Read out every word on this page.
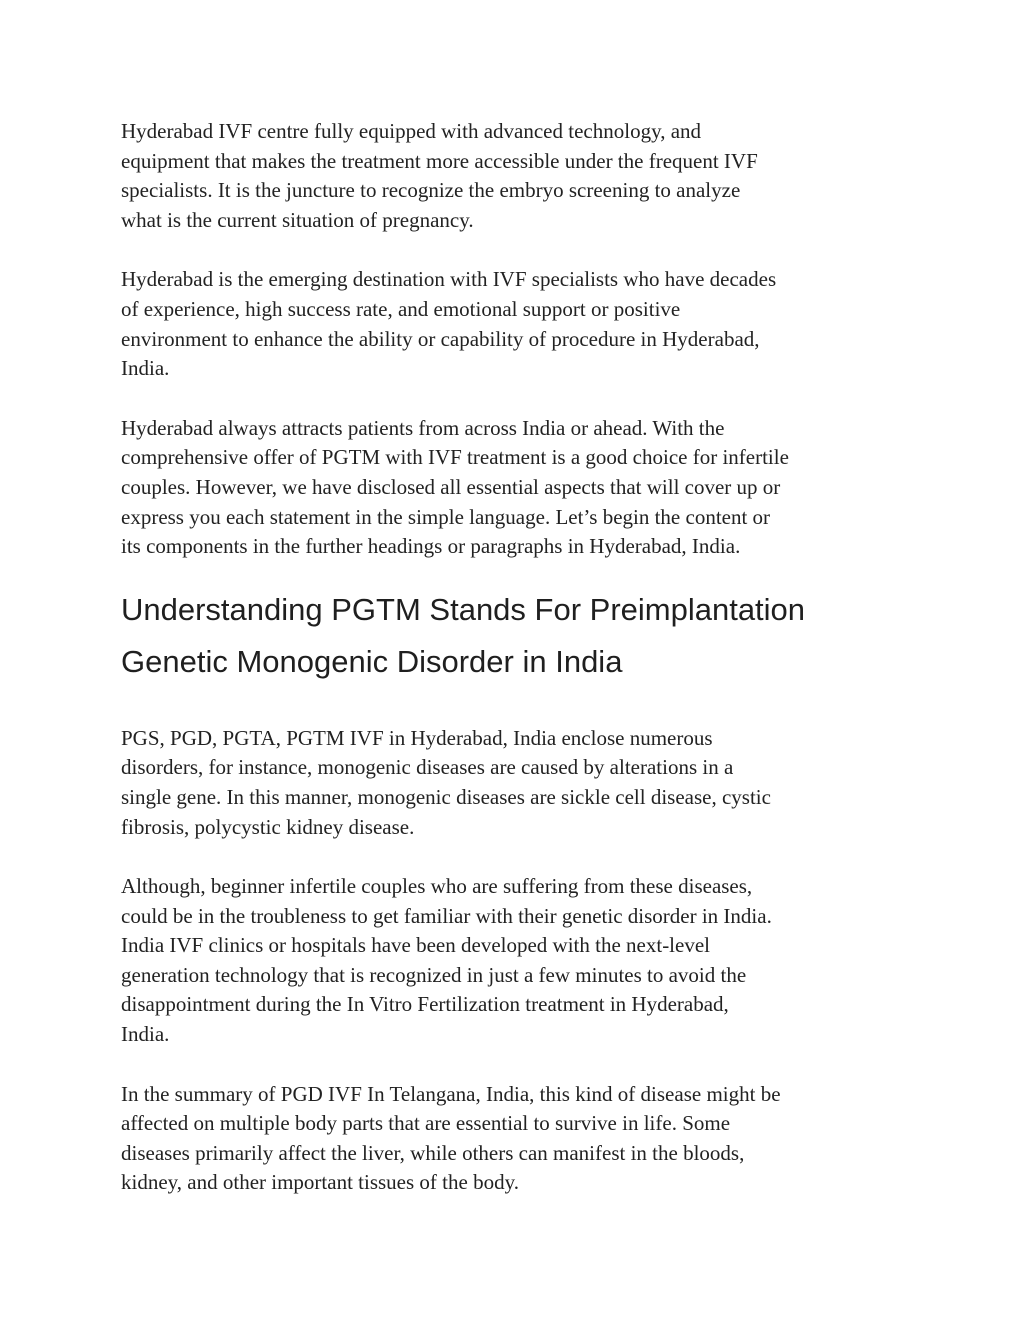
Hyderabad IVF centre fully equipped with advanced technology, and
equipment that makes the treatment more accessible under the frequent IVF
specialists. It is the juncture to recognize the embryo screening to analyze
what is the current situation of pregnancy.

Hyderabad is the emerging destination with IVF specialists who have decades
of experience, high success rate, and emotional support or positive
environment to enhance the ability or capability of procedure in Hyderabad,
India.

Hyderabad always attracts patients from across India or ahead. With the
comprehensive offer of PGTM with IVF treatment is a good choice for infertile
couples. However, we have disclosed all essential aspects that will cover up or
express you each statement in the simple language. Let’s begin the content or
its components in the further headings or paragraphs in Hyderabad, India.

Understanding PGTM Stands For Preimplantation
Genetic Monogenic Disorder in India

PGS, PGD, PGTA, PGTM IVF in Hyderabad, India enclose numerous
disorders, for instance, monogenic diseases are caused by alterations in a
single gene. In this manner, monogenic diseases are sickle cell disease, cystic
fibrosis, polycystic kidney disease.

Although, beginner infertile couples who are suffering from these diseases,
could be in the troubleness to get familiar with their genetic disorder in India.
India IVF clinics or hospitals have been developed with the next-level
generation technology that is recognized in just a few minutes to avoid the
disappointment during the In Vitro Fertilization treatment in Hyderabad,
India.

In the summary of PGD IVF In Telangana, India, this kind of disease might be
affected on multiple body parts that are essential to survive in life. Some
diseases primarily affect the liver, while others can manifest in the bloods,
kidney, and other important tissues of the body.
